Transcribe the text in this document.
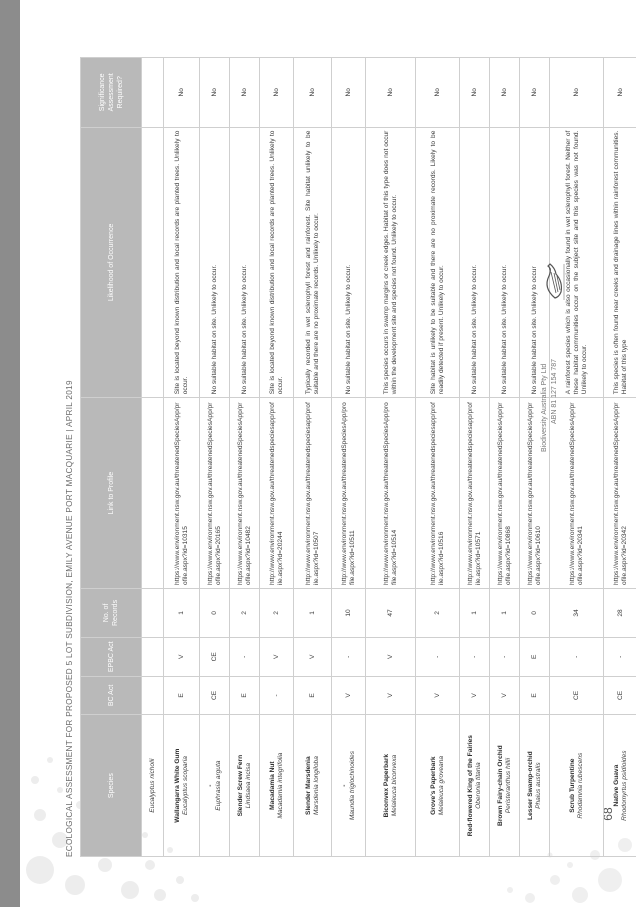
68
ECOLOGICAL ASSESSMENT FOR PROPOSED 5 LOT SUBDIVISION, EMILY AVENUE PORT MACQUARIE | APRIL 2019	Species	BC Act	EPBC Act	No. of Records	Link to Profile	Likelihood of Occurrence	Significance Assessment Required?

Eucalyptus nicholii						

Wallangarra White Gum Eucalyptus scoparia	E	V	1	https://www.environment.nsw.gov.au/threatenedSpeciesApp/profile.aspx?id=10315	Site is located beyond known distribution and local records are planted trees. Unlikely to occur.	No

- Euphrasia arguta	CE	CE	0	https://www.environment.nsw.gov.au/threatenedSpeciesApp/profile.aspx?id=20165	No suitable habitat on site. Unlikely to occur.	No

Slender Screw Fern Lindsaea incisa	E	-	2	https://www.environment.nsw.gov.au/threatenedSpeciesApp/profile.aspx?id=10482	No suitable habitat on site. Unlikely to occur.	No

Macadamia Nut Macadamia integrifolia	-	V	2	http://www.environment.nsw.gov.au/threatenedspeciesapp/profile.aspx?id=20244	Site is located beyond known distribution and local records are planted trees. Unlikely to occur.	No

Slender Marsdenia Marsdenia longiloba	E	V	1	http://www.environment.nsw.gov.au/threatenedspeciesapp/profile.aspx?id=10507	Typically recorded in wet sclerophyll forest and rainforest. Site habitat unlikely to be suitable and there are no proximate records. Unlikely to occur.	No

- Maundia triglochinoides	V	-	10	http://www.environment.nsw.gov.au/threatenedSpeciesApp/profile.aspx?id=10511	No suitable habitat on site. Unlikely to occur.	No

Biconvex Paperbark Melaleuca biconvexa	V	V	47	http://www.environment.nsw.gov.au/threatenedSpeciesApp/profile.aspx?id=10514	This species occurs in swamp margins or creek edges. Habitat of this type does not occur within the development site and species not found. Unlikely to occur.	No

Grove's Paperbark Melaleuca groveana	V	-	2	http://www.environment.nsw.gov.au/threatenedspeciesapp/profile.aspx?id=10516	Site habitat is unlikely to be suitable and there are no proximate records. Likely to be readily detected if present. Unlikely to occur.	No

Red-flowered King of the Fairies Oberonia titania	V	-	1	http://www.environment.nsw.gov.au/threatenedspeciesapp/profile.aspx?id=10571	No suitable habitat on site. Unlikely to occur.	No

Brown Fairy-chain Orchid Peristeranthus hillii	V	-	1	https://www.environment.nsw.gov.au/threatenedSpeciesApp/profile.aspx?id=10868	No suitable habitat on site. Unlikely to occur.	No

Lesser Swamp-orchid Phaius australis	E	E	0	https://www.environment.nsw.gov.au/threatenedSpeciesApp/profile.aspx?id=10610	No suitable habitat on site. Unlikely to occur	No

Scrub Turpentine Rhodamnia rubescens	CE	-	34	https://www.environment.nsw.gov.au/threatenedSpeciesApp/profile.aspx?id=20341	A rainforest species which is also occasionally found in wet sclerophyll forest. Neither of these habitat communities occur on the subject site and this species was not found. Unlikely to occur.	No

Native Guava Rhodomyrtus psidioides	CE	-	28	https://www.environment.nsw.gov.au/threatenedSpeciesApp/profile.aspx?id=20342	This species is often found near creeks and drainage lines within rainforest communities. Habitat of this type	No
Biodiversity Australia Pty Ltd ABN 81 127 154 787
